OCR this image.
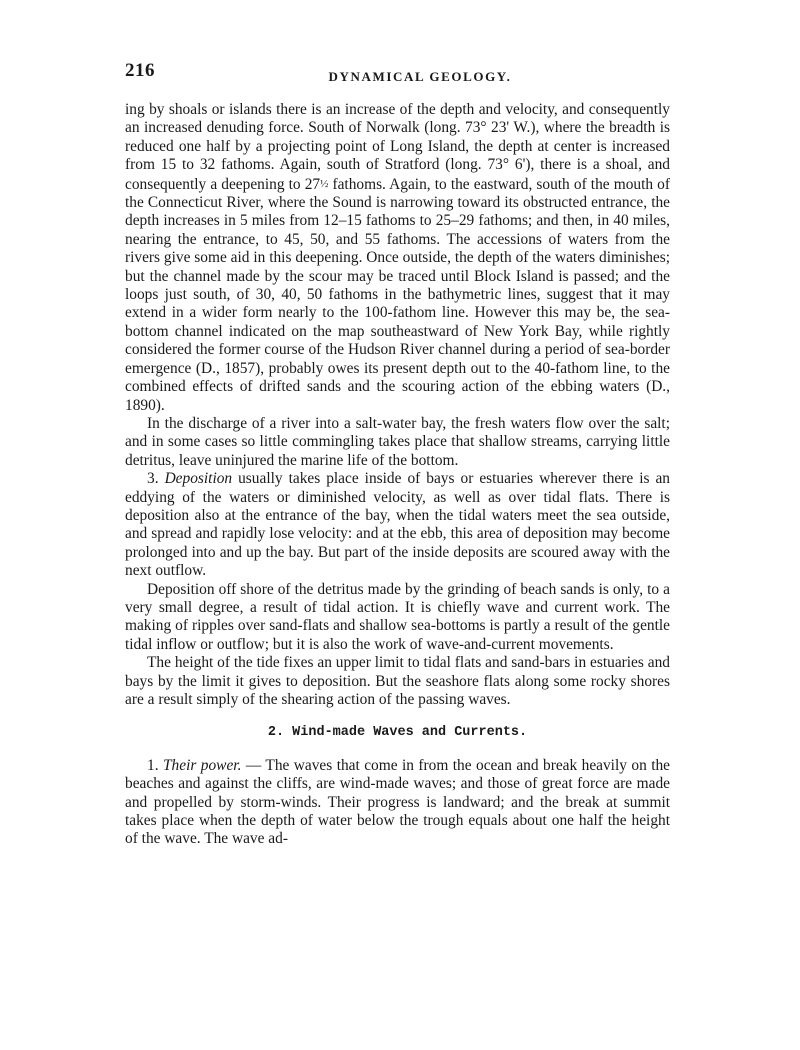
216	DYNAMICAL GEOLOGY.

ing by shoals or islands there is an increase of the depth and velocity, and consequently an increased denuding force. South of Norwalk (long. 73° 23' W.), where the breadth is reduced one half by a projecting point of Long Island, the depth at center is increased from 15 to 32 fathoms. Again, south of Stratford (long. 73° 6'), there is a shoal, and consequently a deepening to 27½ fathoms. Again, to the eastward, south of the mouth of the Connecticut River, where the Sound is narrowing toward its obstructed entrance, the depth increases in 5 miles from 12–15 fathoms to 25–29 fathoms; and then, in 40 miles, nearing the entrance, to 45, 50, and 55 fathoms. The accessions of waters from the rivers give some aid in this deepening. Once outside, the depth of the waters diminishes; but the channel made by the scour may be traced until Block Island is passed; and the loops just south, of 30, 40, 50 fathoms in the bathymetric lines, suggest that it may extend in a wider form nearly to the 100-fathom line. However this may be, the sea-bottom channel indicated on the map southeastward of New York Bay, while rightly considered the former course of the Hudson River channel during a period of sea-border emergence (D., 1857), probably owes its present depth out to the 40-fathom line, to the combined effects of drifted sands and the scouring action of the ebbing waters (D., 1890).

In the discharge of a river into a salt-water bay, the fresh waters flow over the salt; and in some cases so little commingling takes place that shallow streams, carrying little detritus, leave uninjured the marine life of the bottom.

3. Deposition usually takes place inside of bays or estuaries wherever there is an eddying of the waters or diminished velocity, as well as over tidal flats. There is deposition also at the entrance of the bay, when the tidal waters meet the sea outside, and spread and rapidly lose velocity: and at the ebb, this area of deposition may become prolonged into and up the bay. But part of the inside deposits are scoured away with the next outflow.

Deposition off shore of the detritus made by the grinding of beach sands is only, to a very small degree, a result of tidal action. It is chiefly wave and current work. The making of ripples over sand-flats and shallow sea-bottoms is partly a result of the gentle tidal inflow or outflow; but it is also the work of wave-and-current movements.

The height of the tide fixes an upper limit to tidal flats and sand-bars in estuaries and bays by the limit it gives to deposition. But the seashore flats along some rocky shores are a result simply of the shearing action of the passing waves.

2. Wind-made Waves and Currents.

1. Their power. — The waves that come in from the ocean and break heavily on the beaches and against the cliffs, are wind-made waves; and those of great force are made and propelled by storm-winds. Their progress is landward; and the break at summit takes place when the depth of water below the trough equals about one half the height of the wave. The wave ad-
